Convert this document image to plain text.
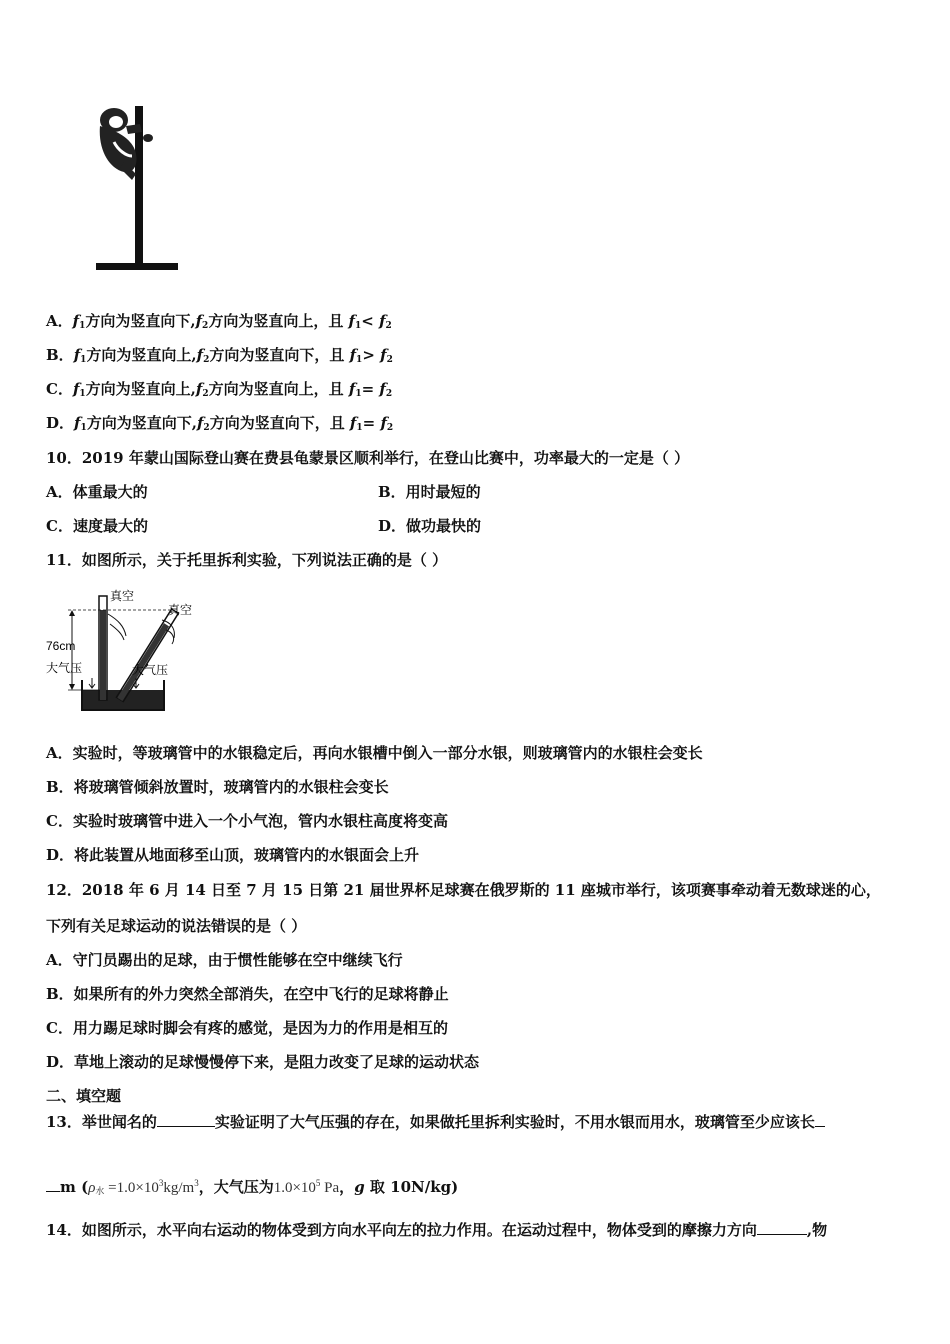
A．$f_1$方向为竖直向下$,f_2$方向为竖直向上，且 $f_1< f_2$
B．$f_1$方向为竖直向上$,f_2$方向为竖直向下，且 $f_1> f_2$
C．$f_1$方向为竖直向上$,f_2$方向为竖直向上，且 $f_1= f_2$
D．$f_1$方向为竖直向下$,f_2$方向为竖直向下，且 $f_1= f_2$
10．2019 年蒙山国际登山赛在费县龟蒙景区顺利举行，在登山比赛中，功率最大的一定是（ ）
A．体重最大的	B．用时最短的
C．速度最大的	D．做功最快的
11．如图所示，关于托里拆利实验，下列说法正确的是（ ）
真空
真空
76cm
大气压	大气压
A．实验时，等玻璃管中的水银稳定后，再向水银槽中倒入一部分水银，则玻璃管内的水银柱会变长
B．将玻璃管倾斜放置时，玻璃管内的水银柱会变长
C．实验时玻璃管中进入一个小气泡，管内水银柱高度将变高
D．将此装置从地面移至山顶，玻璃管内的水银面会上升
12．2018 年 6 月 14 日至 7 月 15 日第 21 届世界杯足球赛在俄罗斯的 11 座城市举行，该项赛事牵动着无数球迷的心，
下列有关足球运动的说法错误的是（ ）
A．守门员踢出的足球，由于惯性能够在空中继续飞行
B．如果所有的外力突然全部消失，在空中飞行的足球将静止
C．用力踢足球时脚会有疼的感觉，是因为力的作用是相互的
D．草地上滚动的足球慢慢停下来，是阻力改变了足球的运动状态
二、填空题
13．举世闻名的	实验证明了大气压强的存在，如果做托里拆利实验时，不用水银而用水，玻璃管至少应该长
m ($\rho_水 =1.0\times 10^3kg/m^3$，大气压为$1.0\times 10^5$ Pa，g 取 10N/kg)
14．如图所示，水平向右运动的物体受到方向水平向左的拉力作用。在运动过程中，物体受到的摩擦力方向	,物
